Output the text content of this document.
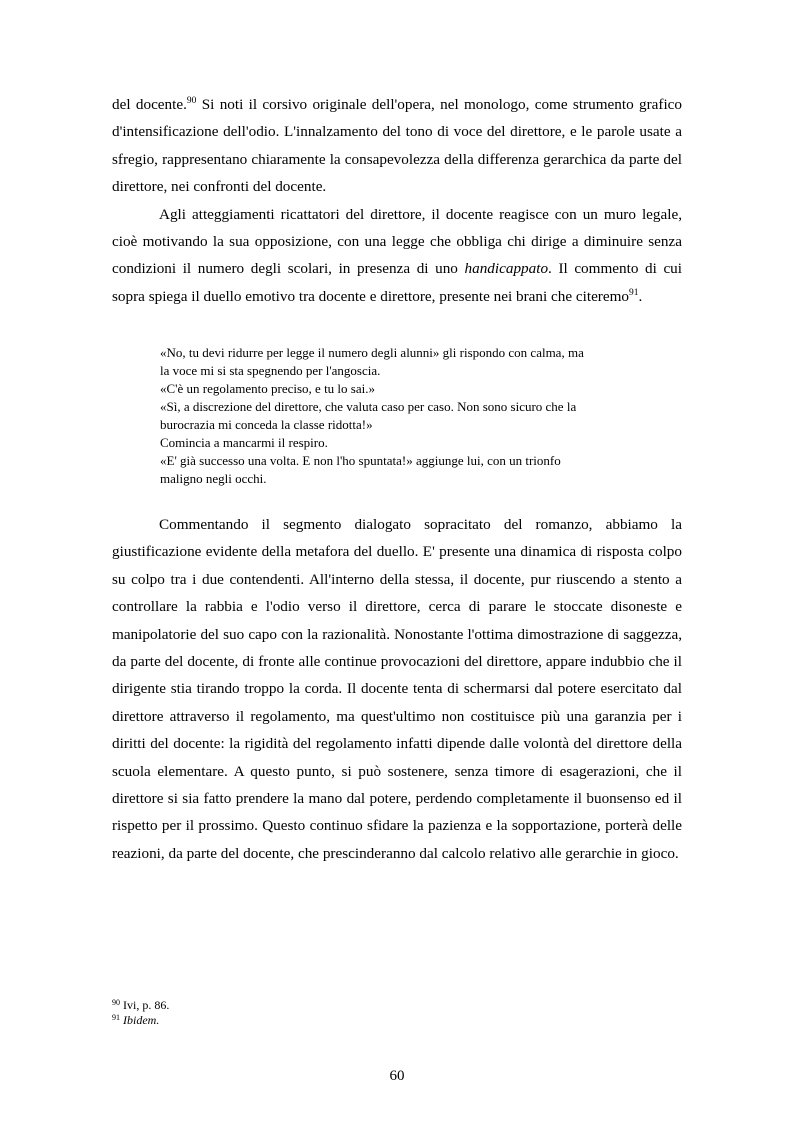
del docente.$^{90}$ Si noti il corsivo originale dell'opera, nel monologo, come strumento grafico d'intensificazione dell'odio. L'innalzamento del tono di voce del direttore, e le parole usate a sfregio, rappresentano chiaramente la consapevolezza della differenza gerarchica da parte del direttore, nei confronti del docente.

Agli atteggiamenti ricattatori del direttore, il docente reagisce con un muro legale, cioè motivando la sua opposizione, con una legge che obbliga chi dirige a diminuire senza condizioni il numero degli scolari, in presenza di uno handicappato. Il commento di cui sopra spiega il duello emotivo tra docente e direttore, presente nei brani che citeremo$^{91}$.

«No, tu devi ridurre per legge il numero degli alunni» gli rispondo con calma, ma

la voce mi si sta spegnendo per l'angoscia.

«C'è un regolamento preciso, e tu lo sai.»

«Sì, a discrezione del direttore, che valuta caso per caso. Non sono sicuro che la

burocrazia mi conceda la classe ridotta!»

Comincia a mancarmi il respiro.

«E' già successo una volta. E non l'ho spuntata!» aggiunge lui, con un trionfo

maligno negli occhi.

Commentando il segmento dialogato sopracitato del romanzo, abbiamo la giustificazione evidente della metafora del duello. E' presente una dinamica di risposta colpo su colpo tra i due contendenti. All'interno della stessa, il docente, pur riuscendo a stento a controllare la rabbia e l'odio verso il direttore, cerca di parare le stoccate disoneste e manipolatorie del suo capo con la razionalità. Nonostante l'ottima dimostrazione di saggezza, da parte del docente, di fronte alle continue provocazioni del direttore, appare indubbio che il dirigente stia tirando troppo la corda. Il docente tenta di schermarsi dal potere esercitato dal direttore attraverso il regolamento, ma quest'ultimo non costituisce più una garanzia per i diritti del docente: la rigidità del regolamento infatti dipende dalle volontà del direttore della scuola elementare. A questo punto, si può sostenere, senza timore di esagerazioni, che il direttore si sia fatto prendere la mano dal potere, perdendo completamente il buonsenso ed il rispetto per il prossimo. Questo continuo sfidare la pazienza e la sopportazione, porterà delle reazioni, da parte del docente, che prescinderanno dal calcolo relativo alle gerarchie in gioco.

$^{90}$ Ivi, p. 86.
$^{91}$ Ibidem.
60
